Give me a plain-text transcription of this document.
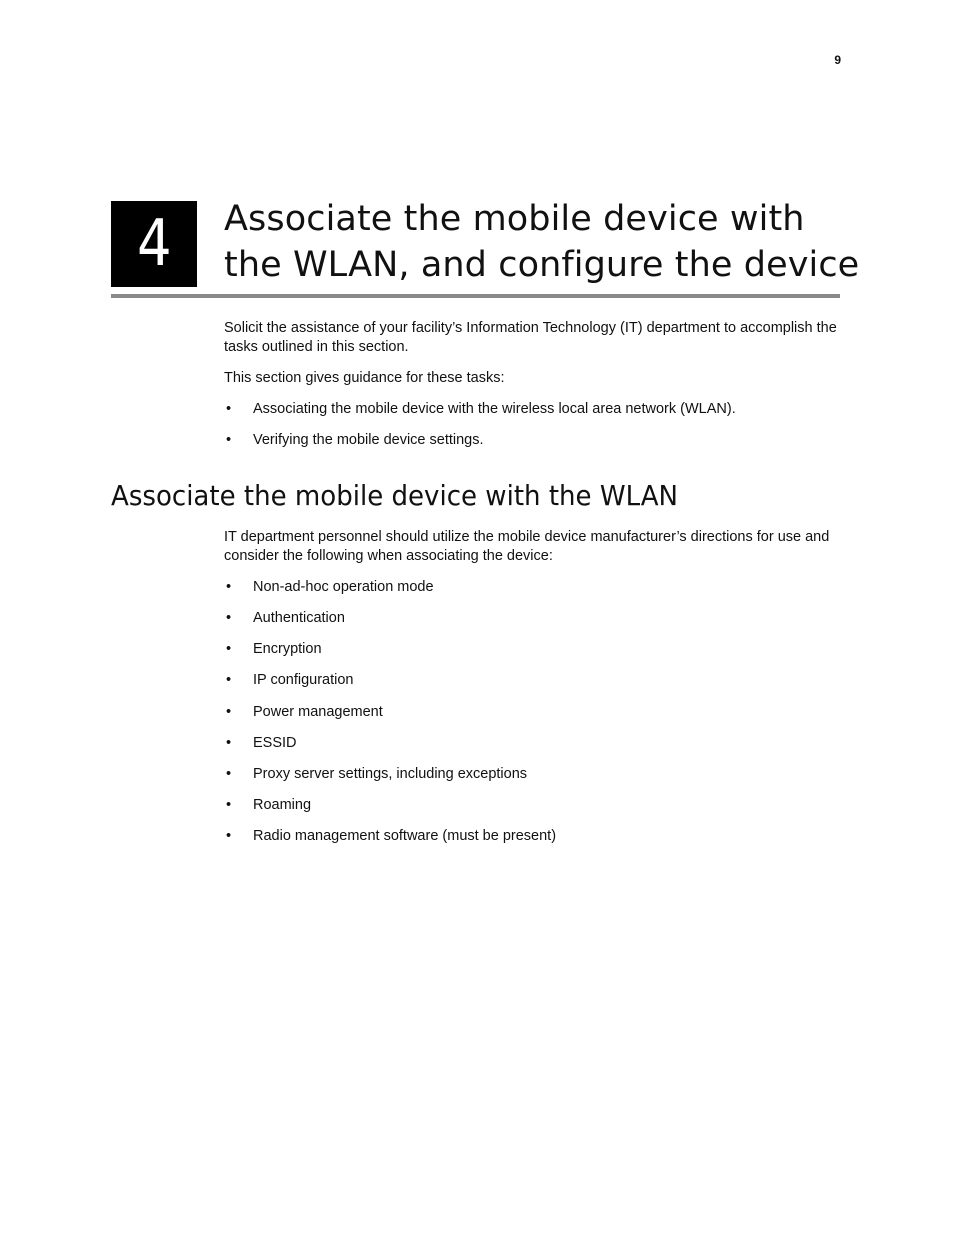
9
4 Associate the mobile device with the WLAN, and configure the device

Solicit the assistance of your facility’s Information Technology (IT) department to accomplish the tasks outlined in this section.

This section gives guidance for these tasks:

• Associating the mobile device with the wireless local area network (WLAN).
• Verifying the mobile device settings.
Associate the mobile device with the WLAN

IT department personnel should utilize the mobile device manufacturer’s directions for use and consider the following when associating the device:

• Non-ad-hoc operation mode
• Authentication
• Encryption
• IP configuration
• Power management
• ESSID
• Proxy server settings, including exceptions
• Roaming
• Radio management software (must be present)
